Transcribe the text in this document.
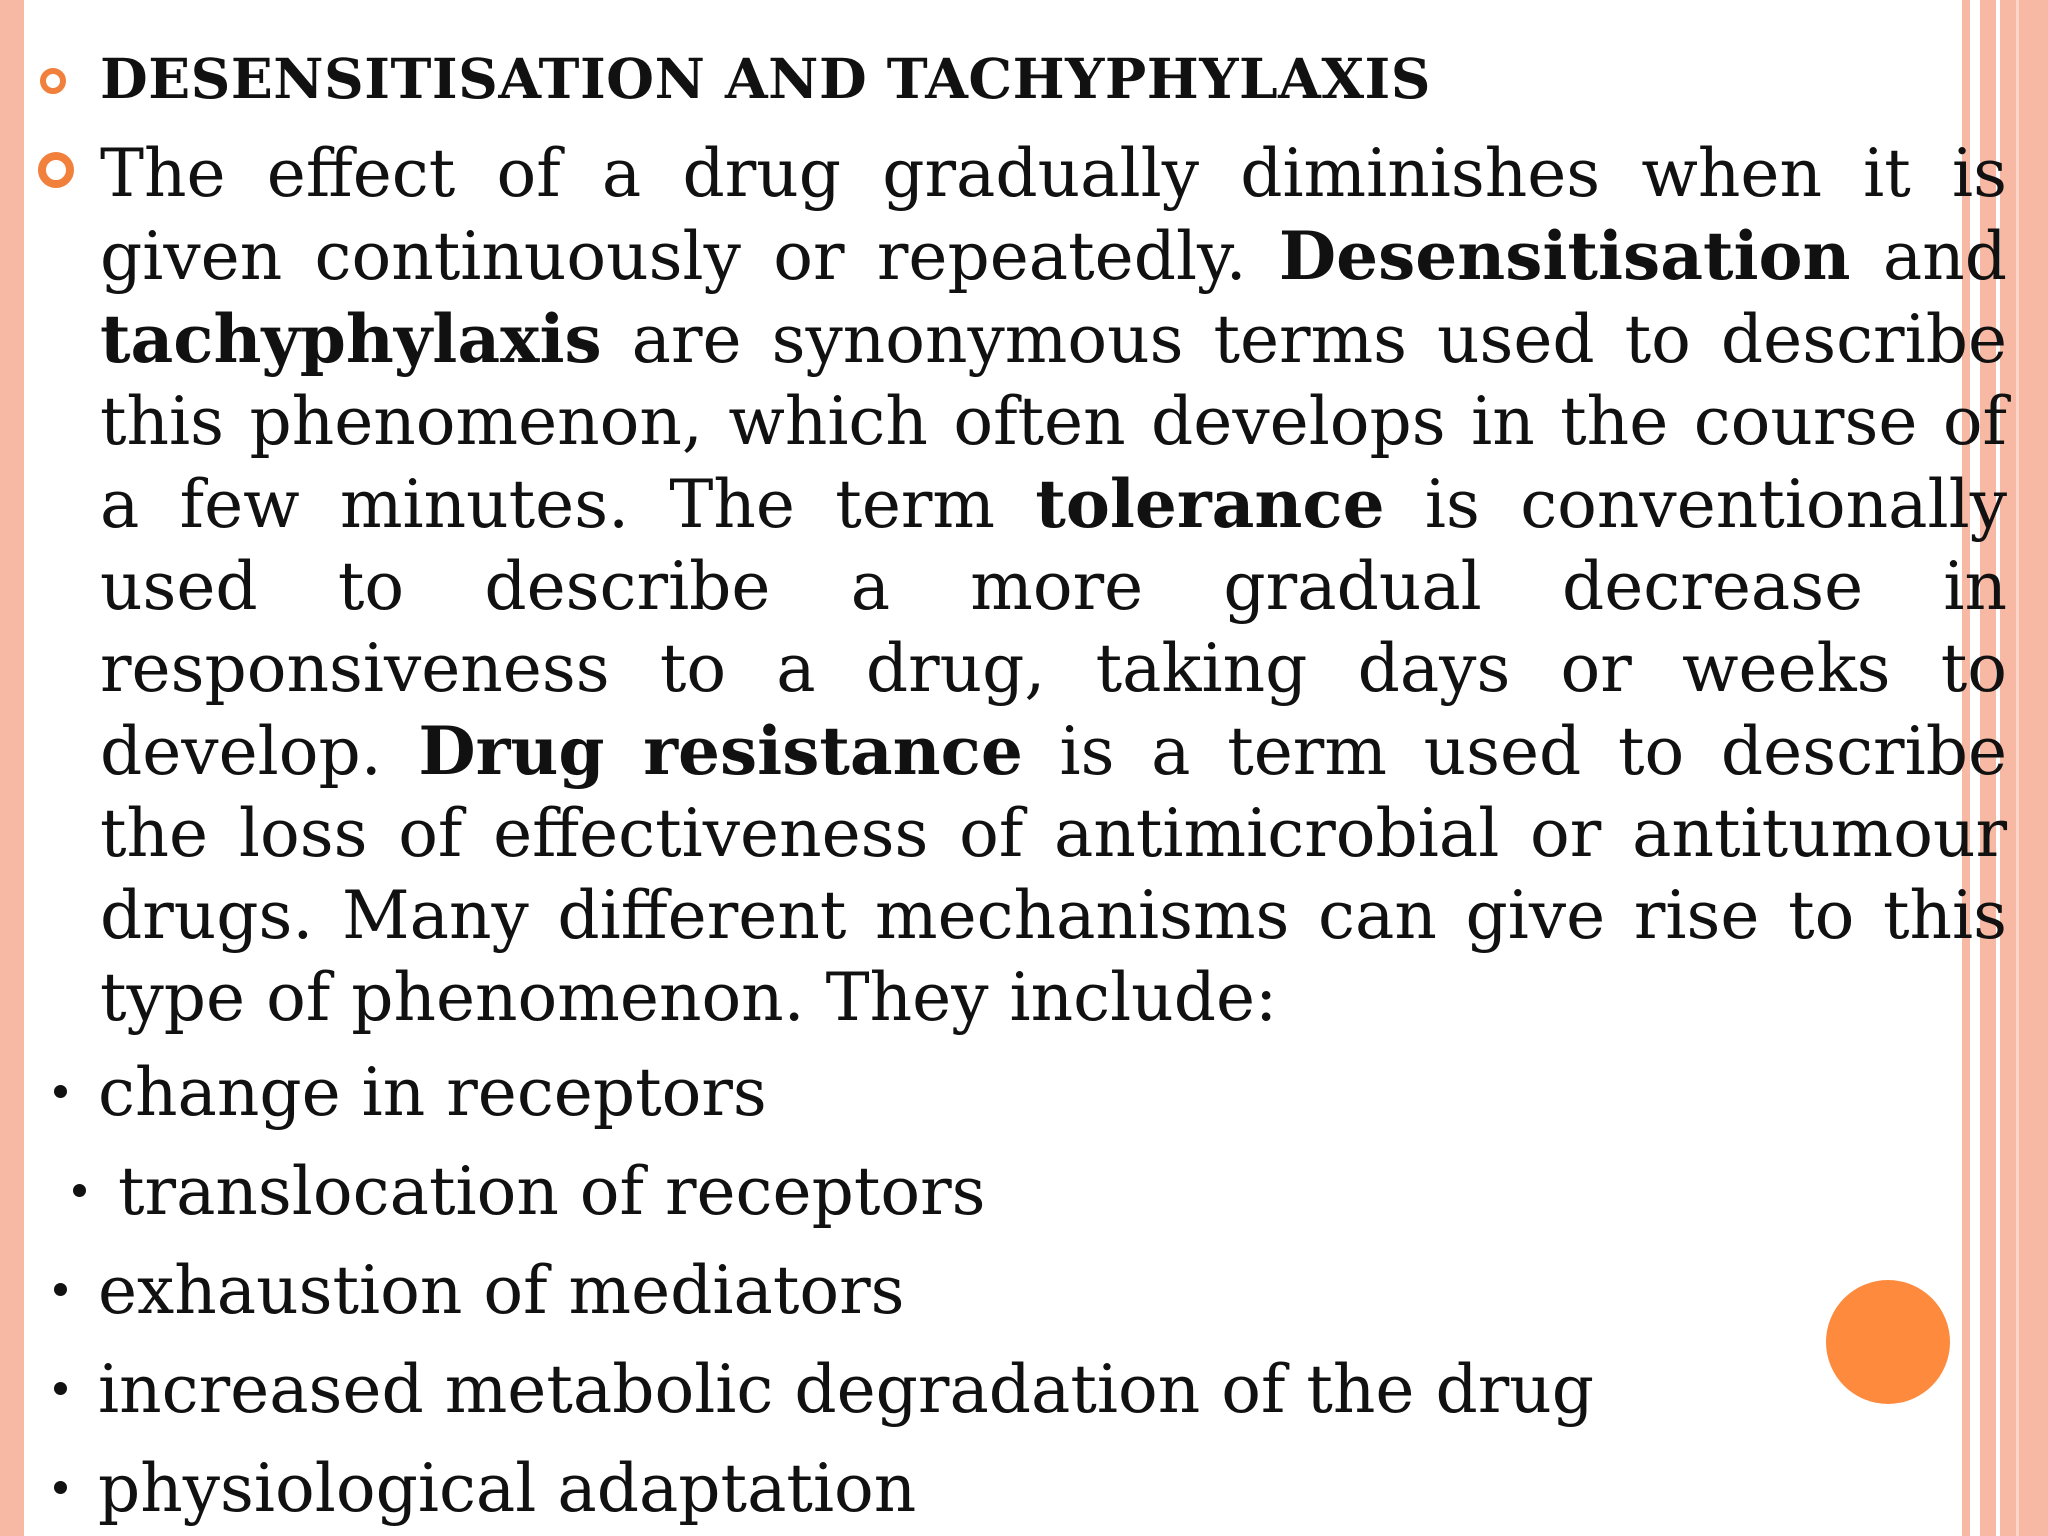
DESENSITISATION AND TACHYPHYLAXIS
The effect of a drug gradually diminishes when it is given continuously or repeatedly. Desensitisation and tachyphylaxis are synonymous terms used to describe this phenomenon, which often develops in the course of a few minutes. The term tolerance is conventionally used to describe a more gradual decrease in responsiveness to a drug, taking days or weeks to develop. Drug resistance is a term used to describe the loss of effectiveness of antimicrobial or antitumour drugs. Many different mechanisms can give rise to this type of phenomenon. They include:
change in receptors
translocation of receptors
exhaustion of mediators
increased metabolic degradation of the drug
physiological adaptation
